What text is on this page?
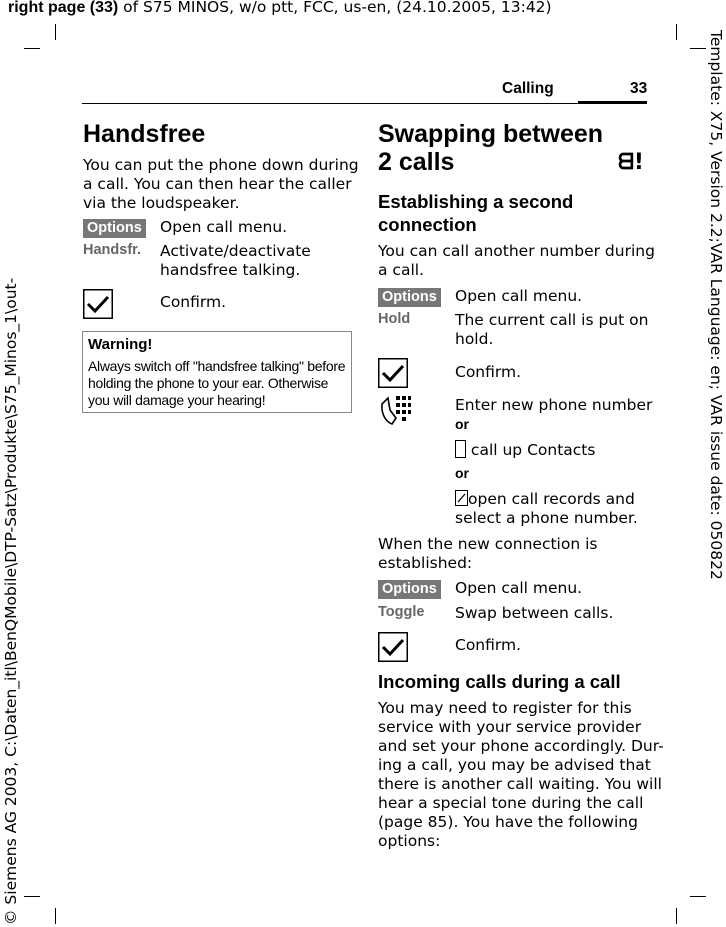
right page (33) of S75 MINOS, w/o ptt, FCC, us-en, (24.10.2005, 13:42)
Template: X75, Version 2.2;VAR Language: en; VAR issue date: 050822
© Siemens AG 2003, C:\Daten_itl\BenQMobile\DTP-Satz\Produkte\S75_Minos_1\out-
Calling	33
Handsfree
You can put the phone down during
a call. You can then hear the caller
via the loudspeaker.
Options Open call menu.
Handsfr. Activate/deactivate
handsfree talking.
Confirm.
Warning!
Always switch off "handsfree talking" before
holding the phone to your ear. Otherwise
you will damage your hearing!
Swapping between
2 calls	ᗺ!
Establishing a second
connection
You can call another number during
a call.
Options Open call menu.
Hold	The current call is put on
hold.
Confirm.
Enter new phone number
or
call up Contacts
or
open call records and
select a phone number.
When the new connection is
established:
Options Open call menu.
Toggle Swap between calls.
Confirm.
Incoming calls during a call
You may need to register for this
service with your service provider
and set your phone accordingly. Dur-
ing a call, you may be advised that
there is another call waiting. You will
hear a special tone during the call
(page 85). You have the following
options:
